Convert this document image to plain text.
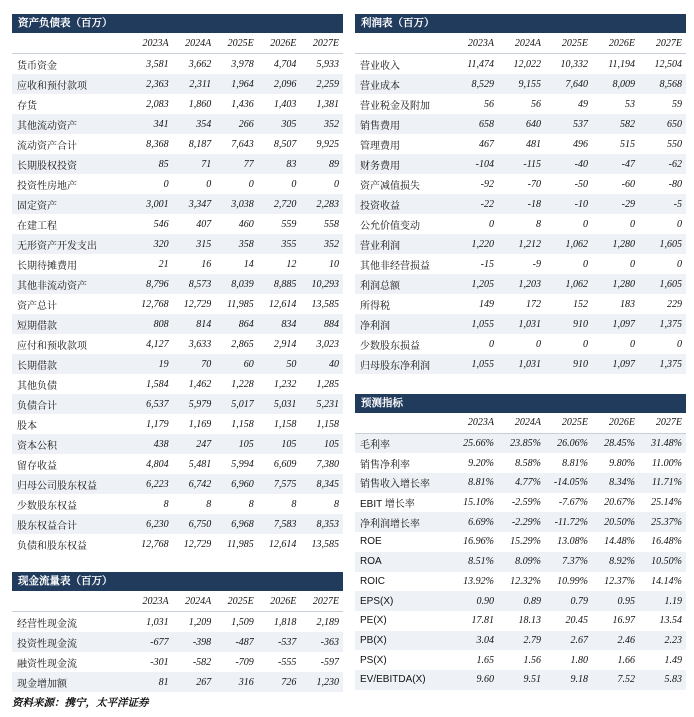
资产负债表（百万）
	2023A	2024A	2025E	2026E	2027E
货币资金	3,581	3,662	3,978	4,704	5,933
应收和预付款项	2,363	2,311	1,964	2,096	2,259
存货	2,083	1,860	1,436	1,403	1,381
其他流动资产	341	354	266	305	352
流动资产合计	8,368	8,187	7,643	8,507	9,925
长期股权投资	85	71	77	83	89
投资性房地产	0	0	0	0	0
固定资产	3,001	3,347	3,038	2,720	2,283
在建工程	546	407	460	559	558
无形资产开发支出	320	315	358	355	352
长期待摊费用	21	16	14	12	10
其他非流动资产	8,796	8,573	8,039	8,885	10,293
资产总计	12,768	12,729	11,985	12,614	13,585
短期借款	808	814	864	834	884
应付和预收款项	4,127	3,633	2,865	2,914	3,023
长期借款	19	70	60	50	40
其他负债	1,584	1,462	1,228	1,232	1,285
负债合计	6,537	5,979	5,017	5,031	5,231
股本	1,179	1,169	1,158	1,158	1,158
资本公积	438	247	105	105	105
留存收益	4,804	5,481	5,994	6,609	7,380
归母公司股东权益	6,223	6,742	6,960	7,575	8,345
少数股东权益	8	8	8	8	8
股东权益合计	6,230	6,750	6,968	7,583	8,353
负债和股东权益	12,768	12,729	11,985	12,614	13,585
现金流量表（百万）
	2023A	2024A	2025E	2026E	2027E
经营性现金流	1,031	1,209	1,509	1,818	2,189
投资性现金流	-677	-398	-487	-537	-363
融资性现金流	-301	-582	-709	-555	-597
现金增加额	81	267	316	726	1,230
利润表（百万）
	2023A	2024A	2025E	2026E	2027E
营业收入	11,474	12,022	10,332	11,194	12,504
营业成本	8,529	9,155	7,640	8,009	8,568
营业税金及附加	56	56	49	53	59
销售费用	658	640	537	582	650
管理费用	467	481	496	515	550
财务费用	-104	-115	-40	-47	-62
资产减值损失	-92	-70	-50	-60	-80
投资收益	-22	-18	-10	-29	-5
公允价值变动	0	8	0	0	0
营业利润	1,220	1,212	1,062	1,280	1,605
其他非经营损益	-15	-9	0	0	0
利润总额	1,205	1,203	1,062	1,280	1,605
所得税	149	172	152	183	229
净利润	1,055	1,031	910	1,097	1,375
少数股东损益	0	0	0	0	0
归母股东净利润	1,055	1,031	910	1,097	1,375
预测指标
	2023A	2024A	2025E	2026E	2027E
毛利率	25.66%	23.85%	26.06%	28.45%	31.48%
销售净利率	9.20%	8.58%	8.81%	9.80%	11.00%
销售收入增长率	8.81%	4.77%	-14.05%	8.34%	11.71%
EBIT 增长率	15.10%	-2.59%	-7.67%	20.67%	25.14%
净利润增长率	6.69%	-2.29%	-11.72%	20.50%	25.37%
ROE	16.96%	15.29%	13.08%	14.48%	16.48%
ROA	8.51%	8.09%	7.37%	8.92%	10.50%
ROIC	13.92%	12.32%	10.99%	12.37%	14.14%
EPS(X)	0.90	0.89	0.79	0.95	1.19
PE(X)	17.81	18.13	20.45	16.97	13.54
PB(X)	3.04	2.79	2.67	2.46	2.23
PS(X)	1.65	1.56	1.80	1.66	1.49
EV/EBITDA(X)	9.60	9.51	9.18	7.52	5.83
资料来源：携宁，太平洋证券
